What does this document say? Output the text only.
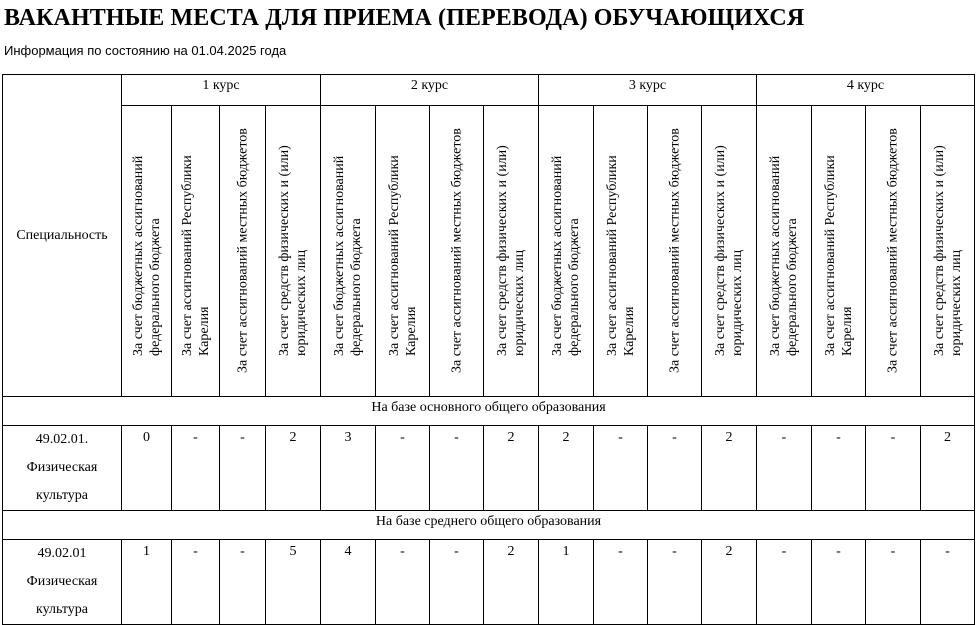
ВАКАНТНЫЕ МЕСТА ДЛЯ ПРИЕМА (ПЕРЕВОДА) ОБУЧАЮЩИХСЯ
Информация по состоянию на 01.04.2025 года
Специальность	1 курс				2 курс				3 курс				4 курс			

	За счет бюджетных ассигнований федерального бюджета	За счет ассигнований Республики Карелия	За счет ассигнований местных бюджетов	За счет средств физических и (или) юридических лиц	За счет бюджетных ассигнований федерального бюджета	За счет ассигнований Республики Карелия	За счет ассигнований местных бюджетов	За счет средств физических и (или) юридических лиц	За счет бюджетных ассигнований федерального бюджета	За счет ассигнований Республики Карелия	За счет ассигнований местных бюджетов	За счет средств физических и (или) юридических лиц	За счет бюджетных ассигнований федерального бюджета	За счет ассигнований Республики Карелия	За счет ассигнований местных бюджетов	За счет средств физических и (или) юридических лиц

На базе основного общего образования																

49.02.01.
Физическая
культура	0	-	-	2	3	-	-	2	2	-	-	2	-	-	-	2
На базе среднего общего образования																

49.02.01
Физическая
культура	1	-	-	5	4	-	-	2	1	-	-	2	-	-	-	-
